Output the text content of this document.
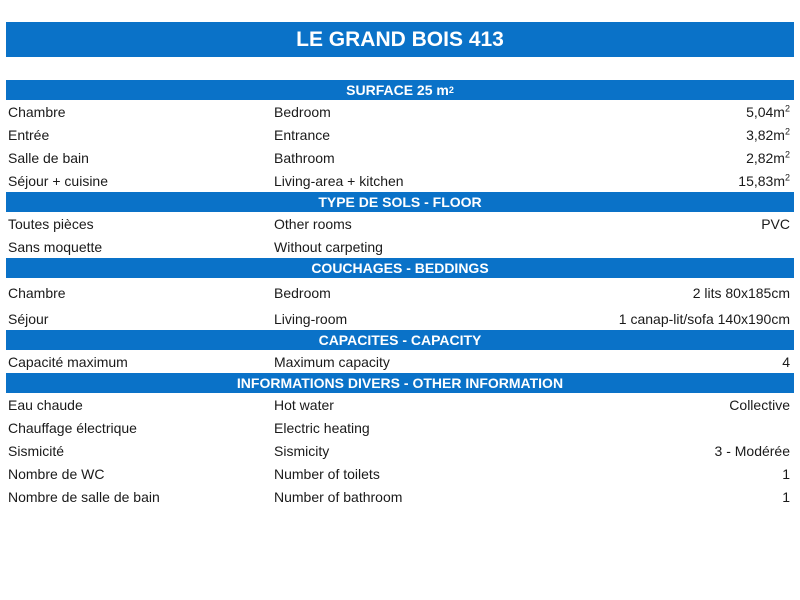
LE GRAND BOIS 413
SURFACE 25 m 2
Chambre	Bedroom	$5,04m^2$
Entrée	Entrance	$3,82m^2$
Salle de bain	Bathroom	$2,82m^2$
Séjour + cuisine	Living-area + kitchen	$15,83m^2$
TYPE DE SOLS - FLOOR
Toutes pièces	Other rooms	PVC
Sans moquette	Without carpeting
COUCHAGES - BEDDINGS
Chambre	Bedroom	2 lits 80x185cm
Séjour	Living-room	1 canap-lit/sofa 140x190cm
CAPACITES - CAPACITY
Capacité maximum	Maximum capacity	4
INFORMATIONS DIVERS - OTHER INFORMATION
Eau chaude	Hot water	Collective
Chauffage électrique	Electric heating
Sismicité	Sismicity	3 - Modérée
Nombre de WC	Number of toilets	1
Nombre de salle de bain	Number of bathroom	1
